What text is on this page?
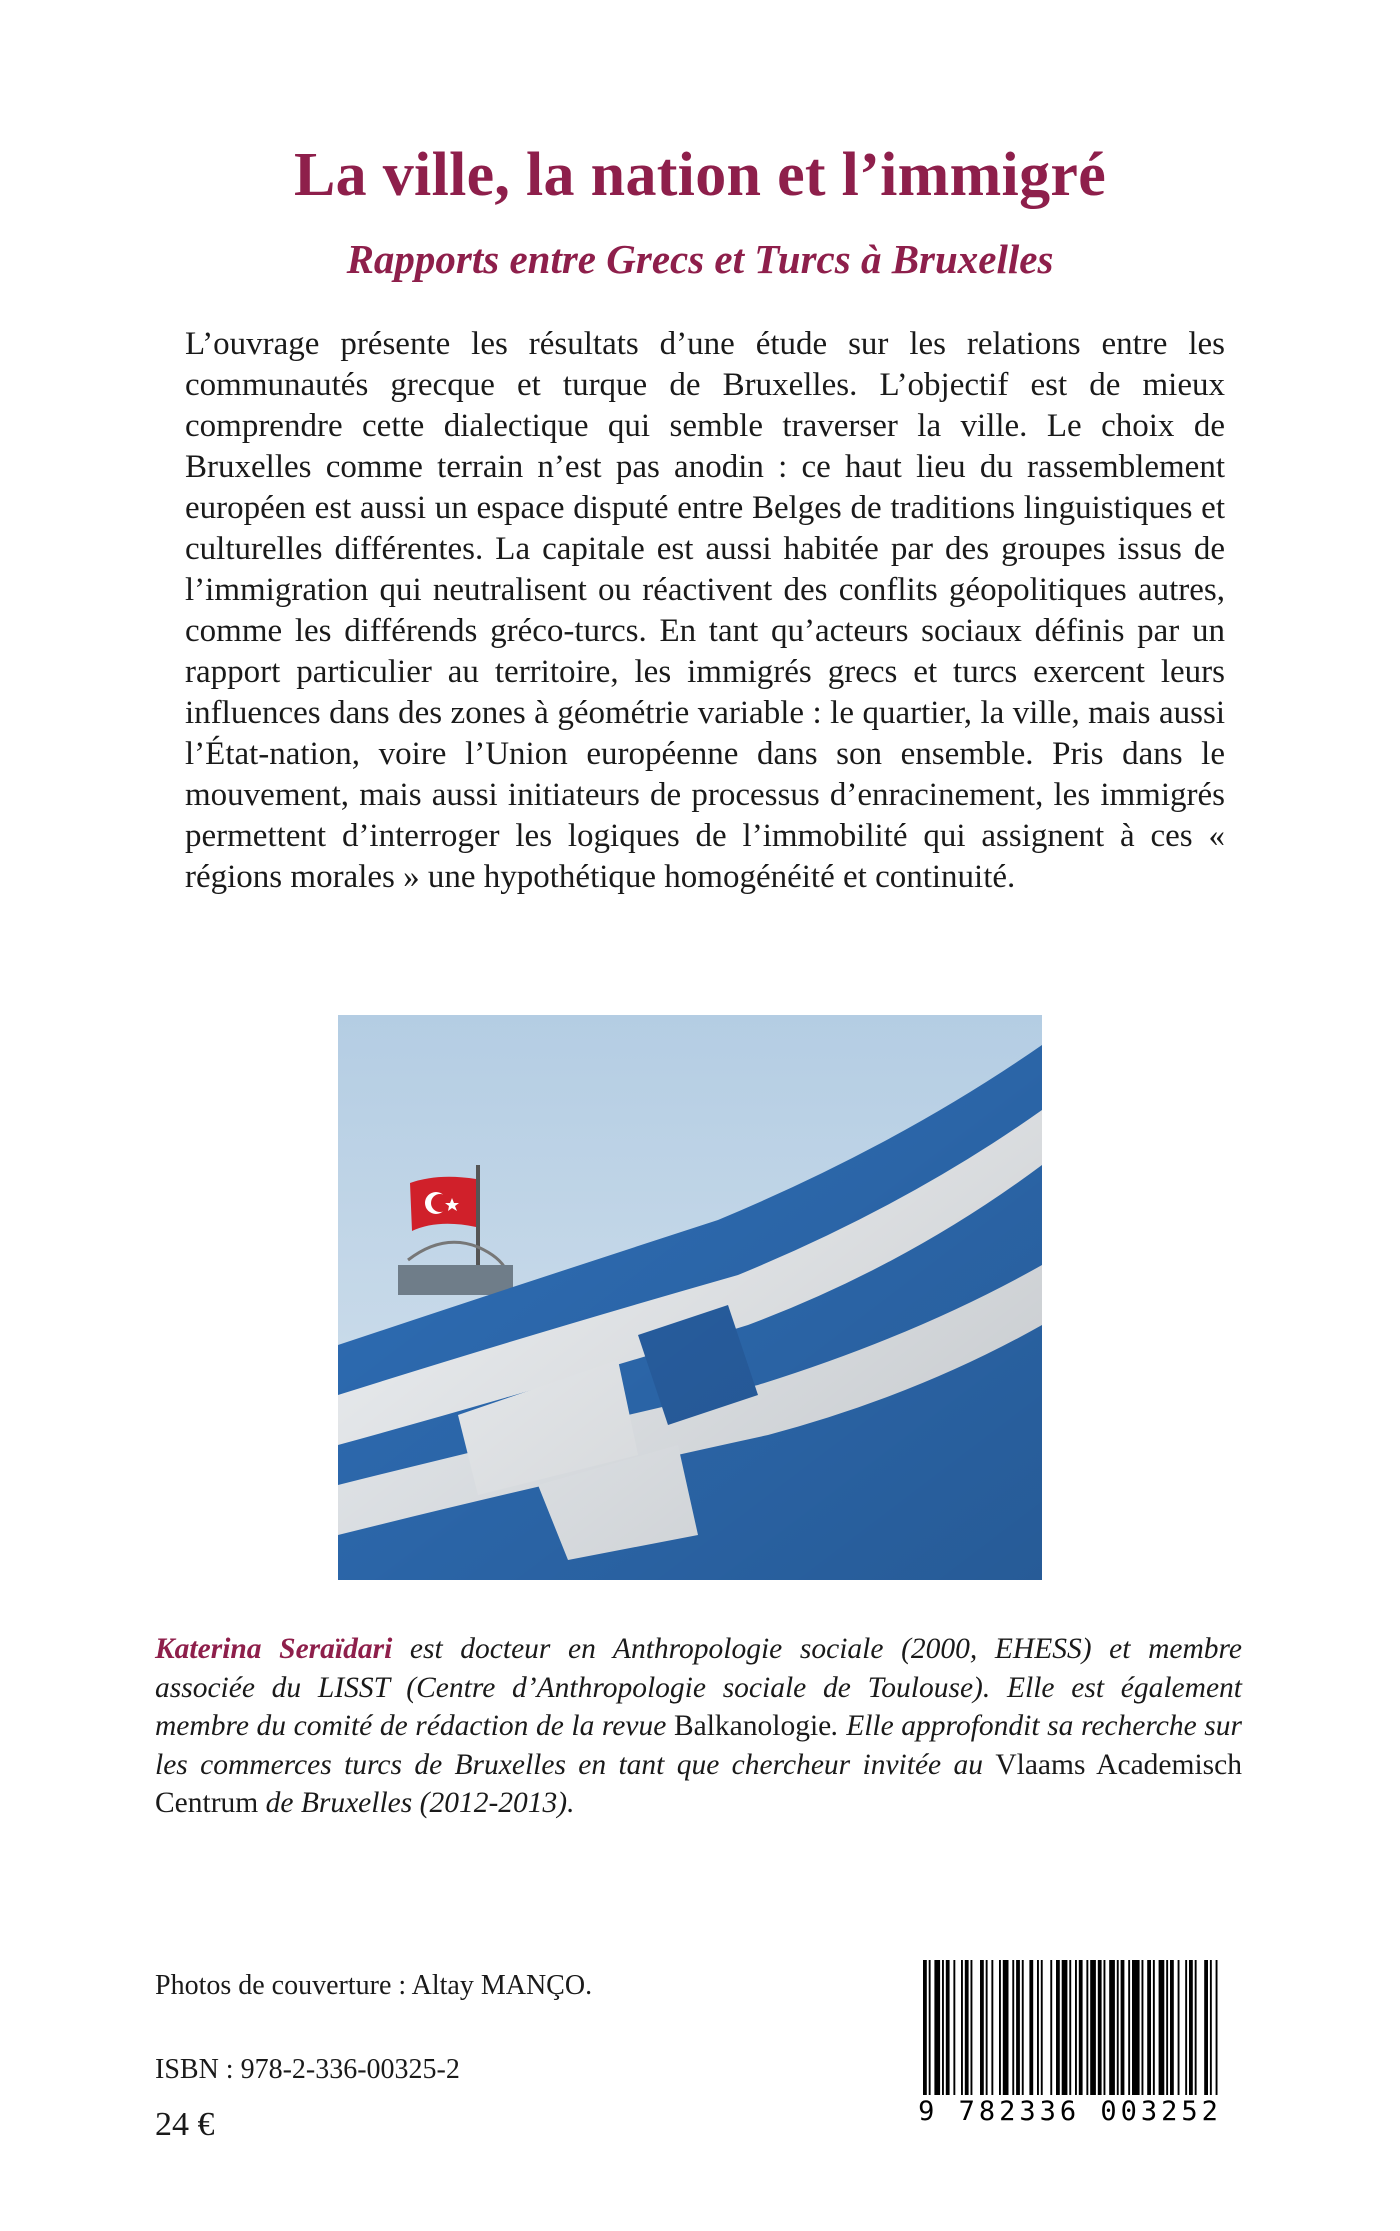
La ville, la nation et l’immigré
Rapports entre Grecs et Turcs à Bruxelles

L’ouvrage présente les résultats d’une étude sur les relations entre les communautés grecque et turque de Bruxelles. L’objectif est de mieux comprendre cette dialectique qui semble traverser la ville. Le choix de Bruxelles comme terrain n’est pas anodin : ce haut lieu du rassemblement européen est aussi un espace disputé entre Belges de traditions linguistiques et culturelles différentes. La capitale est aussi habitée par des groupes issus de l’immigration qui neutralisent ou réactivent des conflits géopolitiques autres, comme les différends gréco-turcs. En tant qu’acteurs sociaux définis par un rapport particulier au territoire, les immigrés grecs et turcs exercent leurs influences dans des zones à géométrie variable : le quartier, la ville, mais aussi l’État-nation, voire l’Union européenne dans son ensemble. Pris dans le mouvement, mais aussi initiateurs de processus d’enracinement, les immigrés permettent d’interroger les logiques de l’immobilité qui assignent à ces « régions morales » une hypothétique homogénéité et continuité.

Katerina Seraïdari est docteur en Anthropologie sociale (2000, EHESS) et membre associée du LISST (Centre d’Anthropologie sociale de Toulouse). Elle est également membre du comité de rédaction de la revue Balkanologie. Elle approfondit sa recherche sur les commerces turcs de Bruxelles en tant que chercheur invitée au Vlaams Academisch Centrum de Bruxelles (2012-2013).

Photos de couverture : Altay MANÇO.

ISBN : 978-2-336-00325-2

24 €	9 782336 003252
